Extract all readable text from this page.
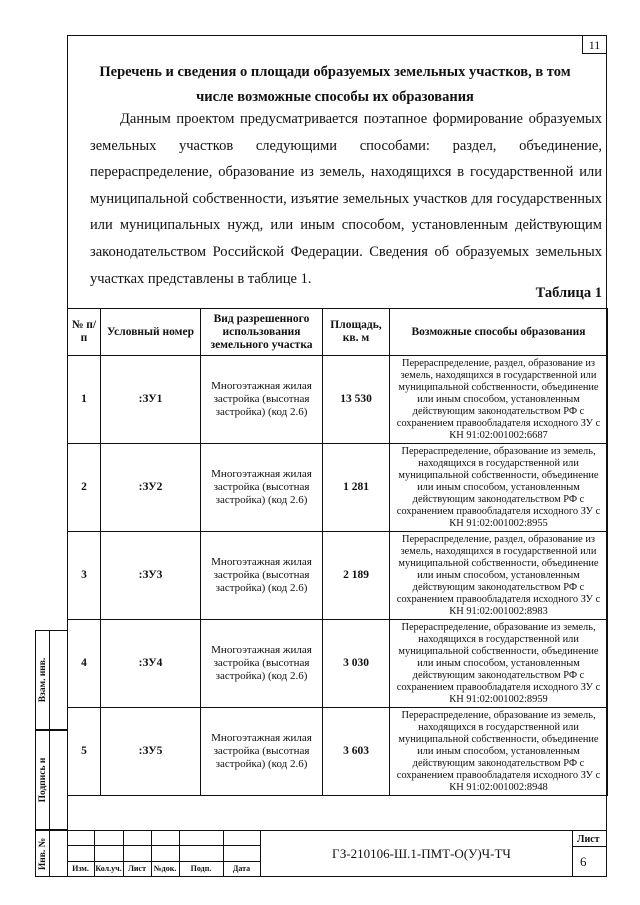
11
Перечень и сведения о площади образуемых земельных участков, в том
числе возможные способы их образования
Данным проектом предусматривается поэтапное формирование образуемых земельных участков следующими способами: раздел, объединение, перераспределение, образование из земель, находящихся в государственной или муниципальной собственности, изъятие земельных участков для государственных или муниципальных нужд, или иным способом, установленным действующим законодательством Российской Федерации. Сведения об образуемых земельных участках представлены в таблице 1.
Таблица 1
№ п/п	Условный номер	Вид разрешенного использования земельного участка	Площадь, кв. м	Возможные способы образования
1	:ЗУ1	Многоэтажная жилая застройка (высотная застройка) (код 2.6)	13 530	Перераспределение, раздел, образование из земель, находящихся в государственной или муниципальной собственности, объединение или иным способом, установленным действующим законодательством РФ с сохранением правообладателя исходного ЗУ с КН 91:02:001002:6687
2	:ЗУ2	Многоэтажная жилая застройка (высотная застройка) (код 2.6)	1 281	Перераспределение, образование из земель, находящихся в государственной или муниципальной собственности, объединение или иным способом, установленным действующим законодательством РФ с сохранением правообладателя исходного ЗУ с КН 91:02:001002:8955
3	:ЗУ3	Многоэтажная жилая застройка (высотная застройка) (код 2.6)	2 189	Перераспределение, раздел, образование из земель, находящихся в государственной или муниципальной собственности, объединение или иным способом, установленным действующим законодательством РФ с сохранением правообладателя исходного ЗУ с КН 91:02:001002:8983
4	:ЗУ4	Многоэтажная жилая застройка (высотная застройка) (код 2.6)	3 030	Перераспределение, образование из земель, находящихся в государственной или муниципальной собственности, объединение или иным способом, установленным действующим законодательством РФ с сохранением правообладателя исходного ЗУ с КН 91:02:001002:8959
5	:ЗУ5	Многоэтажная жилая застройка (высотная застройка) (код 2.6)	3 603	Перераспределение, образование из земель, находящихся в государственной или муниципальной собственности, объединение или иным способом, установленным действующим законодательством РФ с сохранением правообладателя исходного ЗУ с КН 91:02:001002:8948
Взам. инв.
Подпись и
Инв. №	Изм. Кол.уч. Лист №док.	Подп.	Дата
ГЗ-210106-Ш.1-ПМТ-О(У)Ч-ТЧ
Лист
6
